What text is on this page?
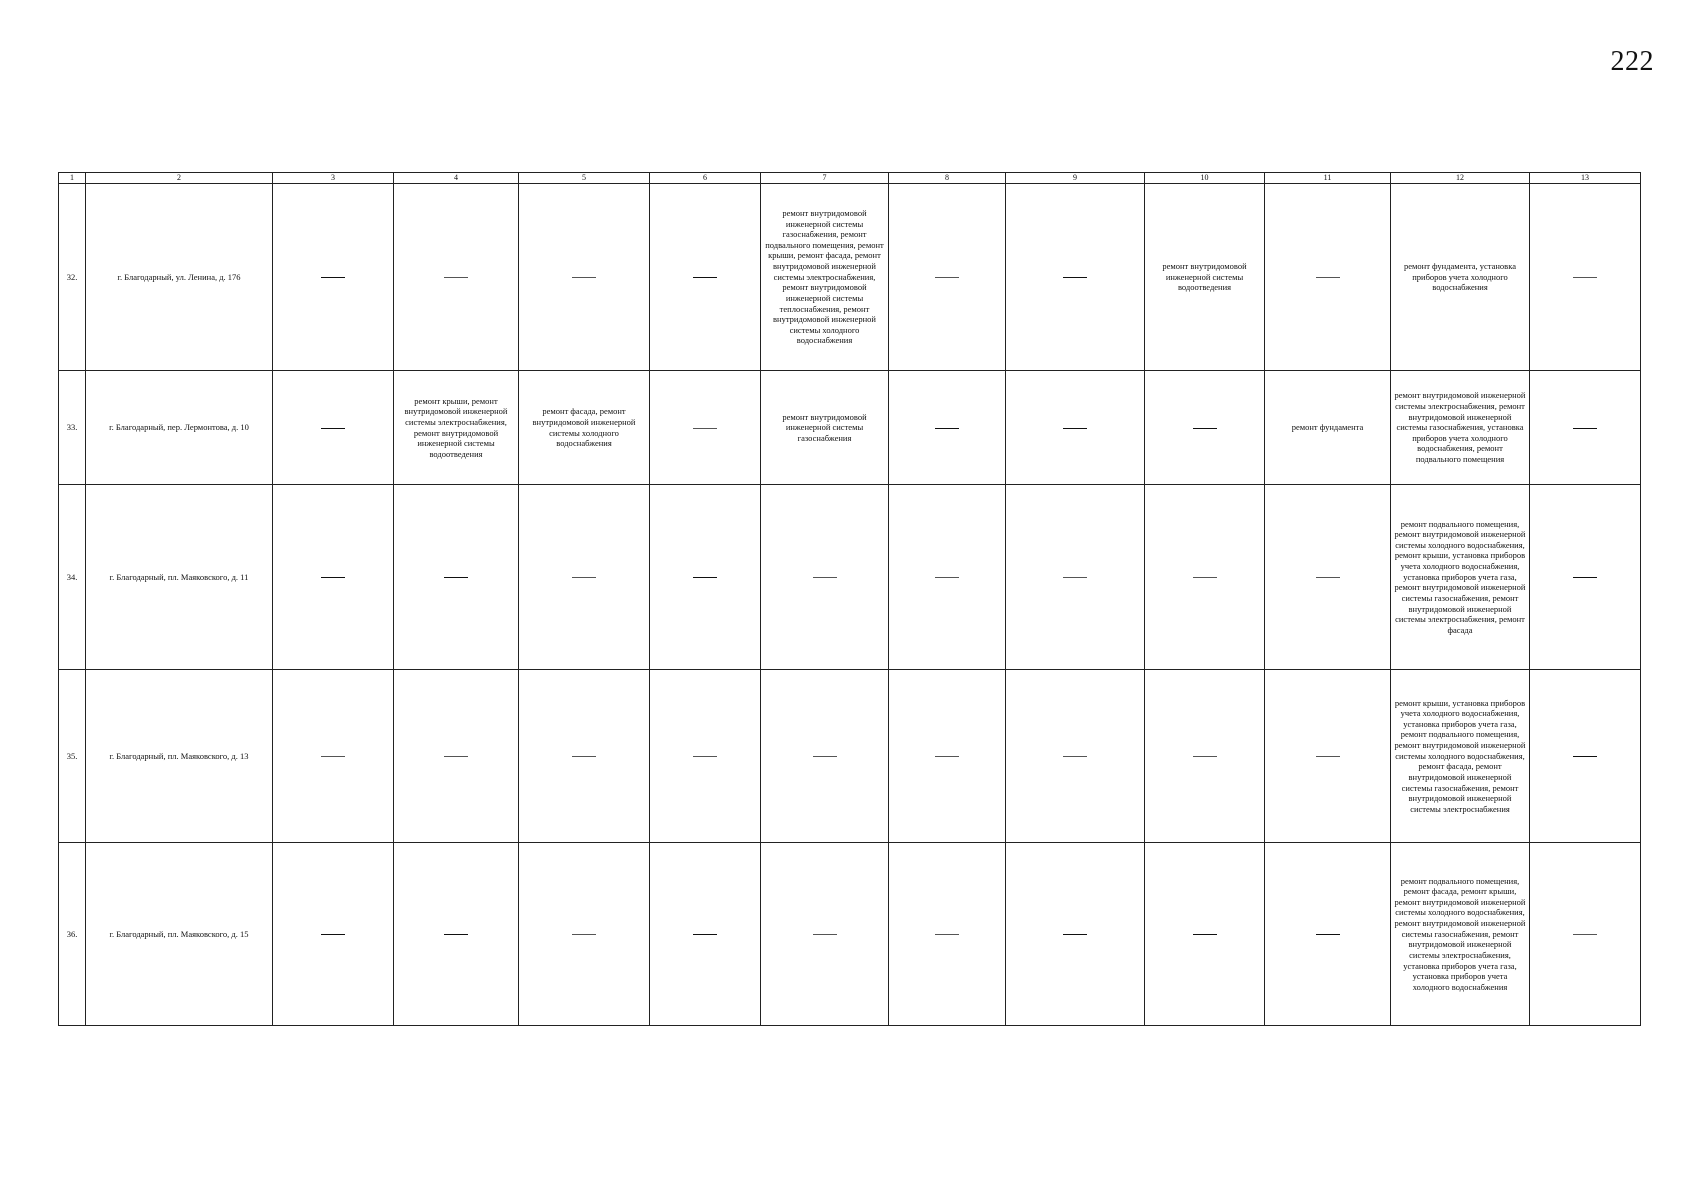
222
1	2	3	4	5	6	7	8	9	10	11	12	13
32.	г. Благодарный, ул. Ленина, д. 176					ремонт внутридомовой инженерной системы газоснабжения, ремонт подвального помещения, ремонт крыши, ремонт фасада, ремонт внутридомовой инженерной системы электроснабжения, ремонт внутридомовой инженерной системы теплоснабжения, ремонт внутридомовой инженерной системы холодного водоснабжения			ремонт внутридомовой инженерной системы водоотведения		ремонт фундамента, установка приборов учета холодного водоснабжения	
33.	г. Благодарный, пер. Лермонтова, д. 10		ремонт крыши, ремонт внутридомовой инженерной системы электроснабжения, ремонт внутридомовой инженерной системы водоотведения	ремонт фасада, ремонт внутридомовой инженерной системы холодного водоснабжения		ремонт внутридомовой инженерной системы газоснабжения				ремонт фундамента	ремонт внутридомовой инженерной системы электроснабжения, ремонт внутридомовой инженерной системы газоснабжения, установка приборов учета холодного водоснабжения, ремонт подвального помещения	
34.	г. Благодарный, пл. Маяковского, д. 11										ремонт подвального помещения, ремонт внутридомовой инженерной системы холодного водоснабжения, ремонт крыши, установка приборов учета холодного водоснабжения, установка приборов учета газа, ремонт внутридомовой инженерной системы газоснабжения, ремонт внутридомовой инженерной системы электроснабжения, ремонт фасада	
35.	г. Благодарный, пл. Маяковского, д. 13										ремонт крыши, установка приборов учета холодного водоснабжения, установка приборов учета газа, ремонт подвального помещения, ремонт внутридомовой инженерной системы холодного водоснабжения, ремонт фасада, ремонт внутридомовой инженерной системы газоснабжения, ремонт внутридомовой инженерной системы электроснабжения	
36.	г. Благодарный, пл. Маяковского, д. 15										ремонт подвального помещения, ремонт фасада, ремонт крыши, ремонт внутридомовой инженерной системы холодного водоснабжения, ремонт внутридомовой инженерной системы газоснабжения, ремонт внутридомовой инженерной системы электроснабжения, установка приборов учета газа, установка приборов учета холодного водоснабжения	
